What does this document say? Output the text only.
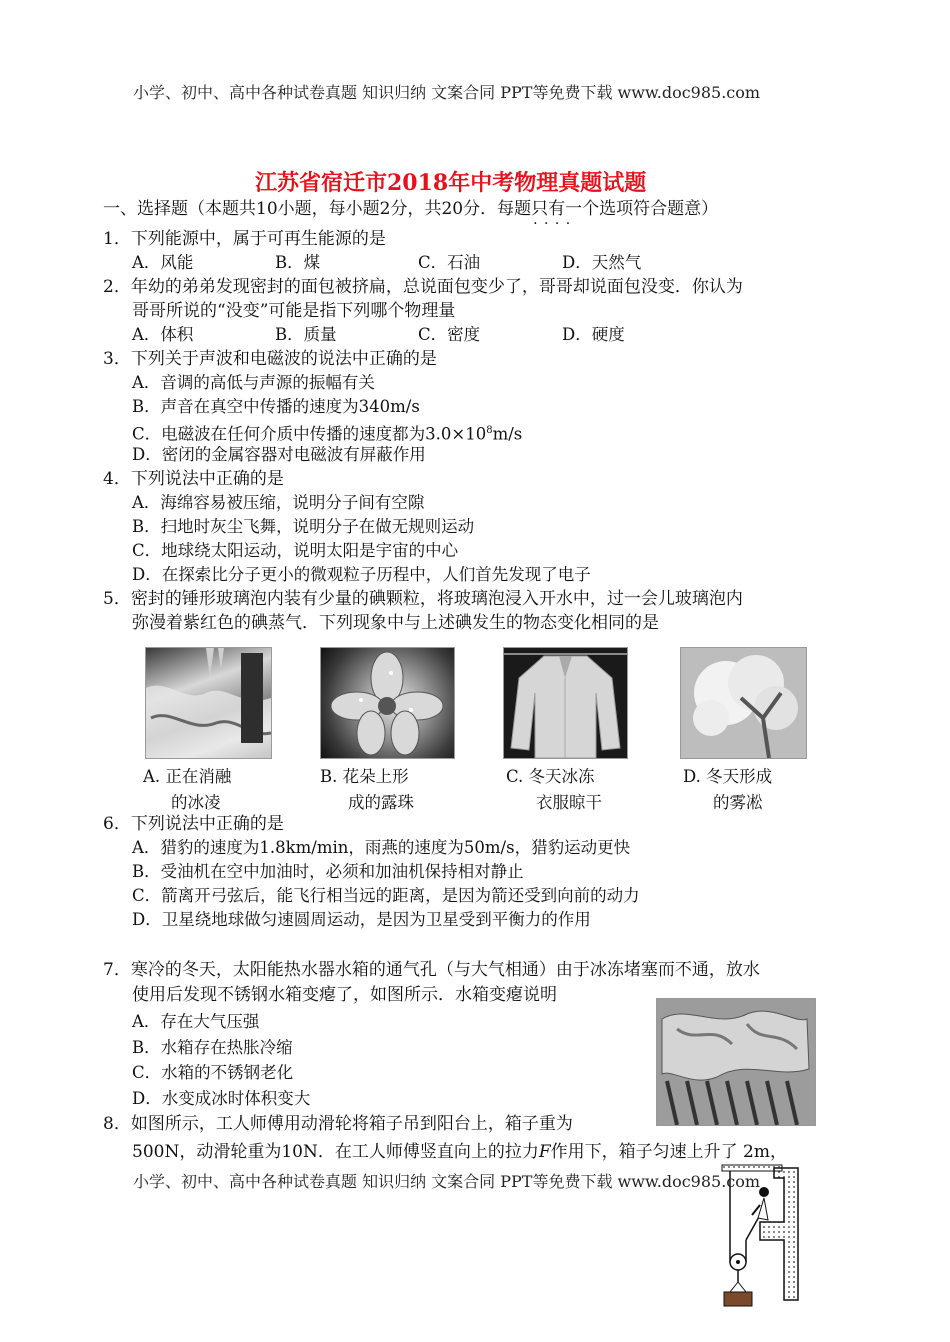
小学、初中、高中各种试卷真题 知识归纳 文案合同 PPT等免费下载 www.doc985.com
江苏省宿迁市2018年中考物理真题试题
一、选择题（本题共10小题，每小题2分，共20分．每题只有一个 · · 选项符合题意）
1．下列能源中，属于可再生能源的是
A．风能	B．煤	C．石油	D．天然气
2．年幼的弟弟发现密封的面包被挤扁，总说面包变少了，哥哥却说面包没变．你认为
哥哥所说的“没变”可能是指下列哪个物理量
A．体积	B．质量	C．密度	D．硬度
3．下列关于声波和电磁波的说法中正确的是
A．音调的高低与声源的振幅有关
B．声音在真空中传播的速度为340m/s
C．电磁波在任何介质中传播的速度都为$3.0\times 10^8m/s$
D．密闭的金属容器对电磁波有屏蔽作用
4．下列说法中正确的是
A．海绵容易被压缩，说明分子间有空隙
B．扫地时灰尘飞舞，说明分子在做无规则运动
C．地球绕太阳运动，说明太阳是宇宙的中心
D．在探索比分子更小的微观粒子历程中，人们首先发现了电子
5．密封的锤形玻璃泡内装有少量的碘颗粒，将玻璃泡浸入开水中，过一会儿玻璃泡内
弥漫着紫红色的碘蒸气．下列现象中与上述碘发生的物态变化相同的是
A. 正在消融
的冰凌
B. 花朵上形
成的露珠
C. 冬天冰冻
衣服晾干
D. 冬天形成
的雾凇
6．下列说法中正确的是
A．猎豹的速度为1.8km/min，雨燕的速度为50m/s，猎豹运动更快
B．受油机在空中加油时，必须和加油机保持相对静止
C．箭离开弓弦后，能飞行相当远的距离，是因为箭还受到向前的动力
D．卫星绕地球做匀速圆周运动，是因为卫星受到平衡力的作用
7．寒冷的冬天，太阳能热水器水箱的通气孔（与大气相通）由于冰冻堵塞而不通，放水
使用后发现不锈钢水箱变瘪了，如图所示．水箱变瘪说明
A．存在大气压强
B．水箱存在热胀冷缩
C．水箱的不锈钢老化
D．水变成冰时体积变大
8．如图所示，工人师傅用动滑轮将箱子吊到阳台上，箱子重为
500N，动滑轮重为10N．在工人师傅竖直向上的拉力F作用下，箱子匀速上升了 2m，
小学、初中、高中各种试卷真题 知识归纳 文案合同 PPT等免费下载 www.doc985.com
